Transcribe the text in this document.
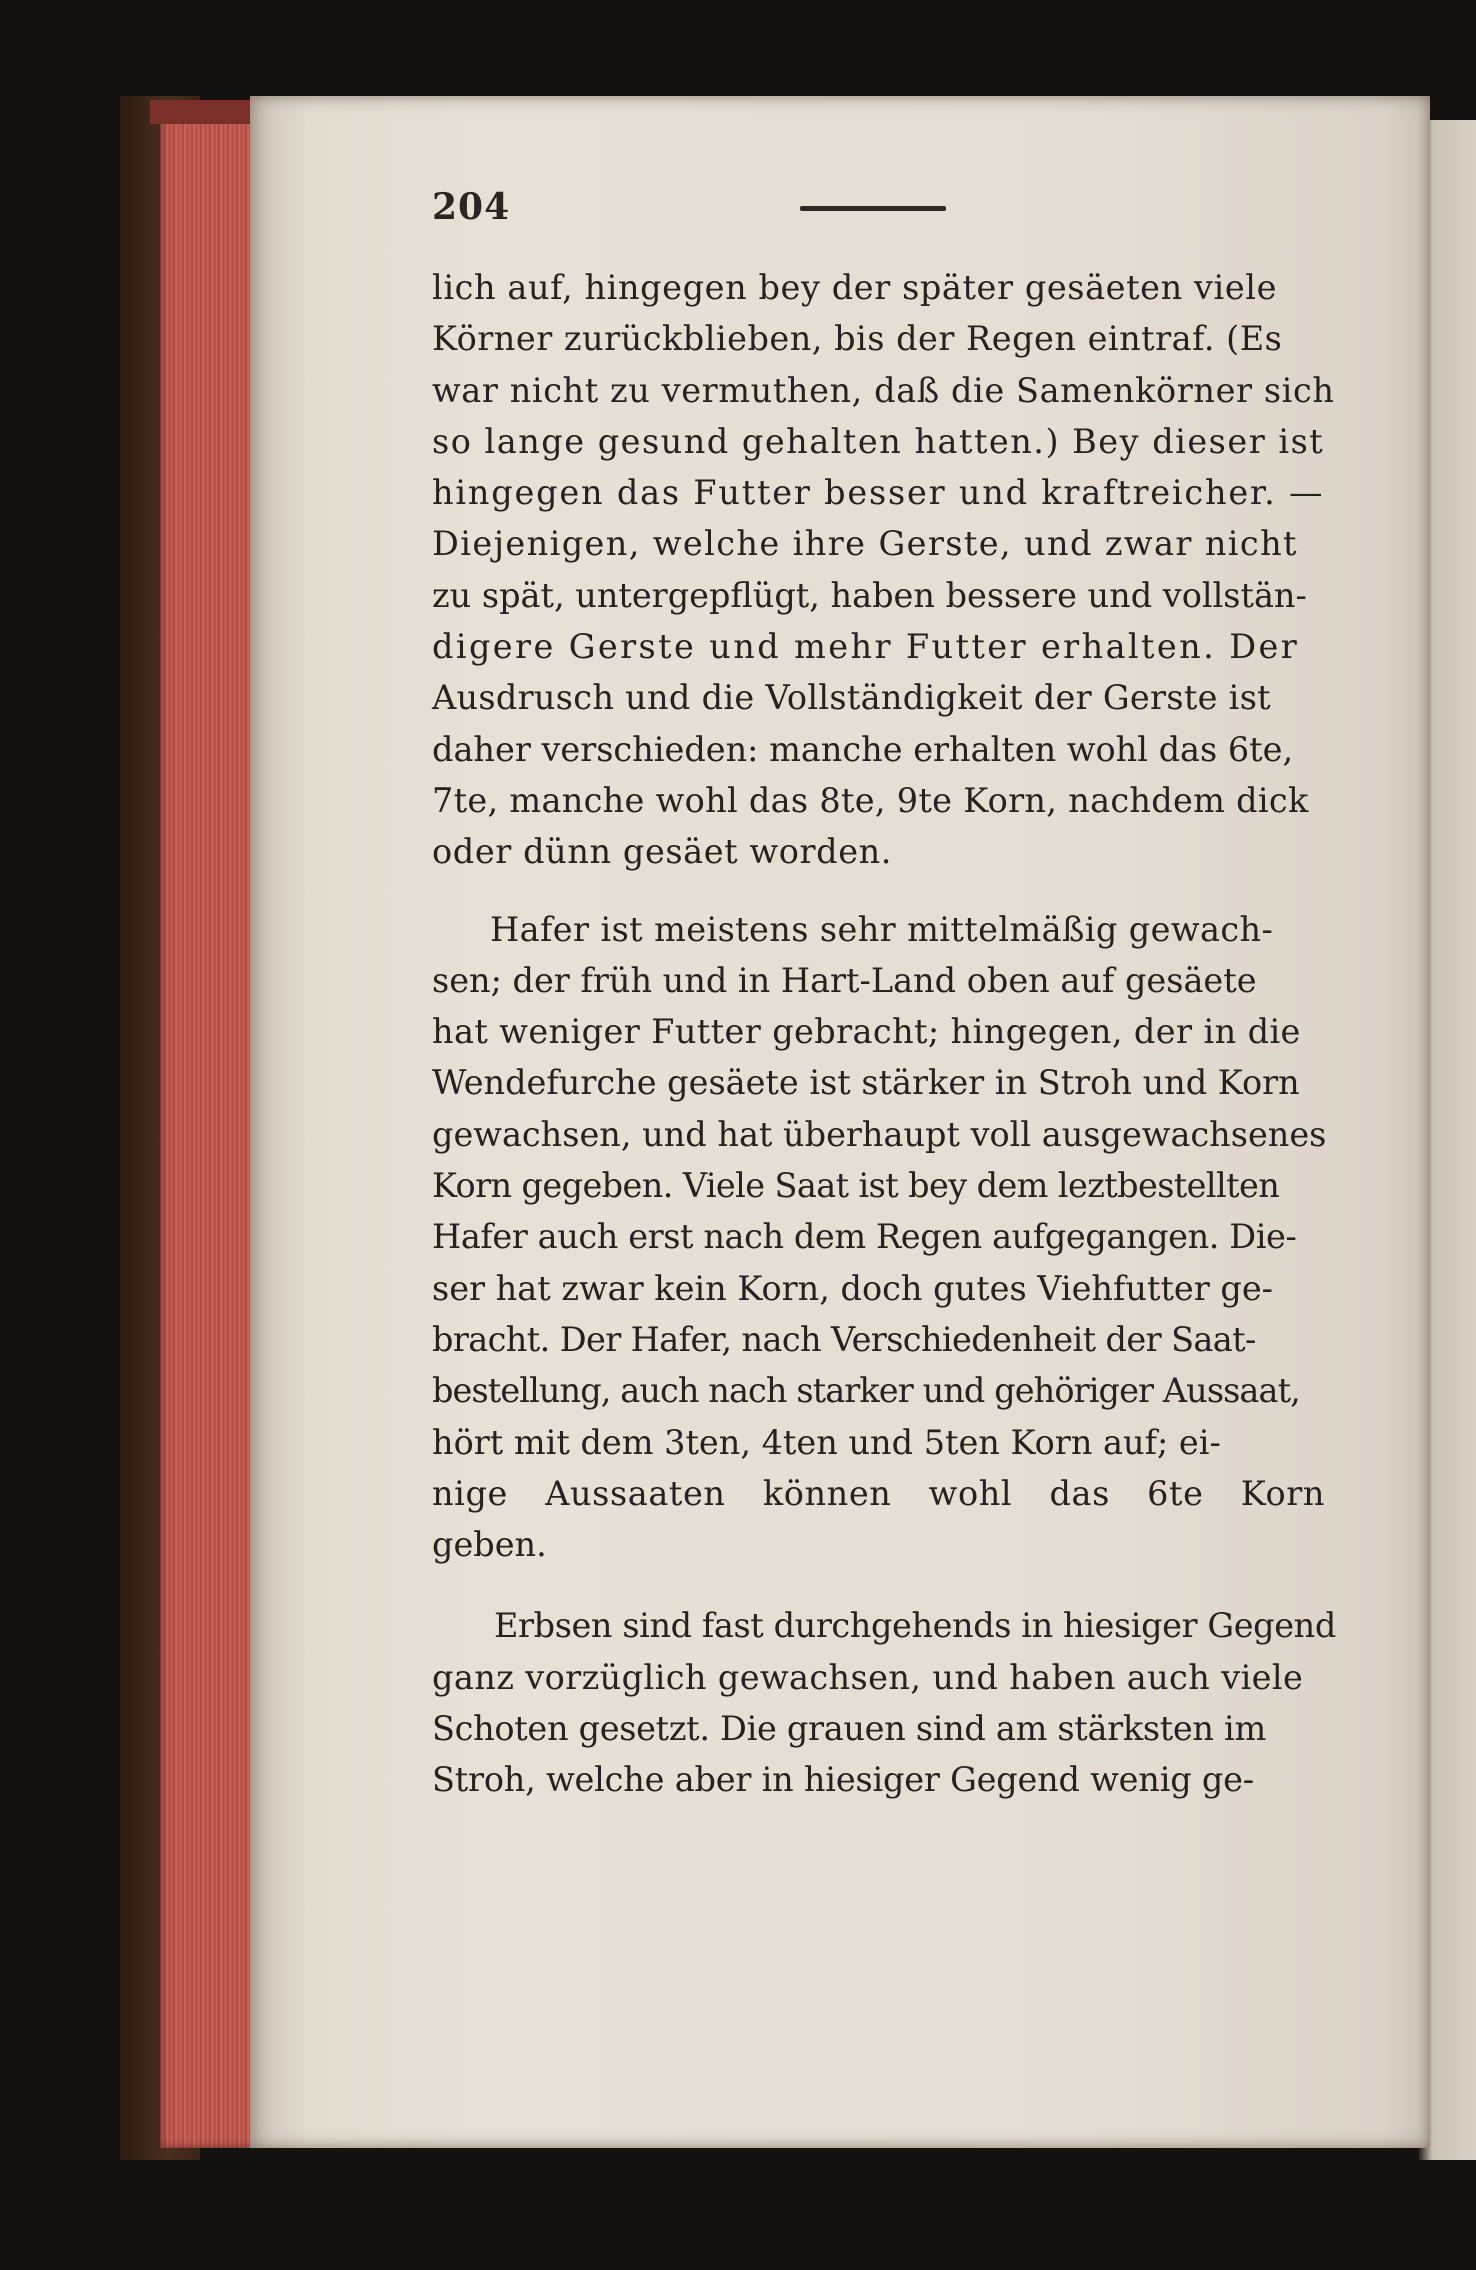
204
lich auf, hingegen bey der später gesäeten viele
Körner zurückblieben, bis der Regen eintraf. (Es
war nicht zu vermuthen, daß die Samenkörner sich
so lange gesund gehalten hatten.) Bey dieser ist
hingegen das Futter besser und kraftreicher. —
Diejenigen, welche ihre Gerste, und zwar nicht
zu spät, untergepflügt, haben bessere und vollstän-
digere Gerste und mehr Futter erhalten. Der
Ausdrusch und die Vollständigkeit der Gerste ist
daher verschieden: manche erhalten wohl das 6te,
7te, manche wohl das 8te, 9te Korn, nachdem dick
oder dünn gesäet worden.
Hafer ist meistens sehr mittelmäßig gewach-
sen; der früh und in Hart-Land oben auf gesäete
hat weniger Futter gebracht; hingegen, der in die
Wendefurche gesäete ist stärker in Stroh und Korn
gewachsen, und hat überhaupt voll ausgewachsenes
Korn gegeben. Viele Saat ist bey dem leztbestellten
Hafer auch erst nach dem Regen aufgegangen. Die-
ser hat zwar kein Korn, doch gutes Viehfutter ge-
bracht. Der Hafer, nach Verschiedenheit der Saat-
bestellung, auch nach starker und gehöriger Aussaat,
hört mit dem 3ten, 4ten und 5ten Korn auf; ei-
nige Aussaaten können wohl das 6te Korn
geben.
Erbsen sind fast durchgehends in hiesiger Gegend
ganz vorzüglich gewachsen, und haben auch viele
Schoten gesetzt. Die grauen sind am stärksten im
Stroh, welche aber in hiesiger Gegend wenig ge-
